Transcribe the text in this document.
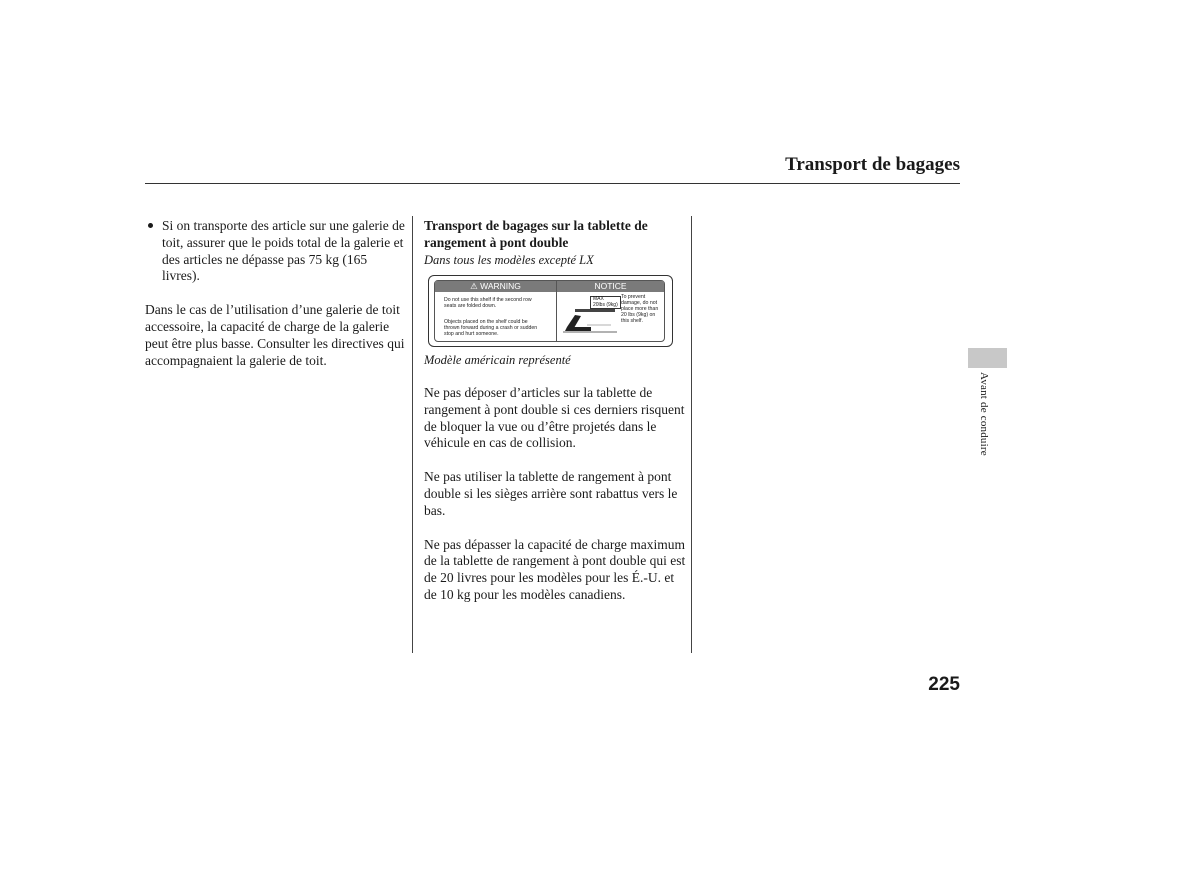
Transport de bagages

Si on transporte des article sur une galerie de toit, assurer que le poids total de la galerie et des articles ne dépasse pas 75 kg (165 livres).

Dans le cas de l’utilisation d’une galerie de toit accessoire, la capacité de charge de la galerie peut être plus basse. Consulter les directives qui accompagnaient la galerie de toit.

Transport de bagages sur la tablette de

rangement à pont double

Dans tous les modèles excepté LX

⚠ WARNING
Do not use this shelf if the second row
seats are folded down.
Objects placed on the shelf could be
thrown forward during a crash or sudden
stop and hurt someone.
NOTICE
MAX
20lbs (9kg)
To prevent
damage, do not
place more than
20 lbs (9kg) on
this shelf.

Modèle américain représenté

Ne pas déposer d’articles sur la tablette de rangement à pont double si ces derniers risquent de bloquer la vue ou d’être projetés dans le véhicule en cas de collision.

Ne pas utiliser la tablette de rangement à pont double si les sièges arrière sont rabattus vers le bas.

Ne pas dépasser la capacité de charge maximum de la tablette de rangement à pont double qui est de 20 livres pour les modèles pour les É.-U. et de 10 kg pour les modèles canadiens.

Avant de conduire
225
